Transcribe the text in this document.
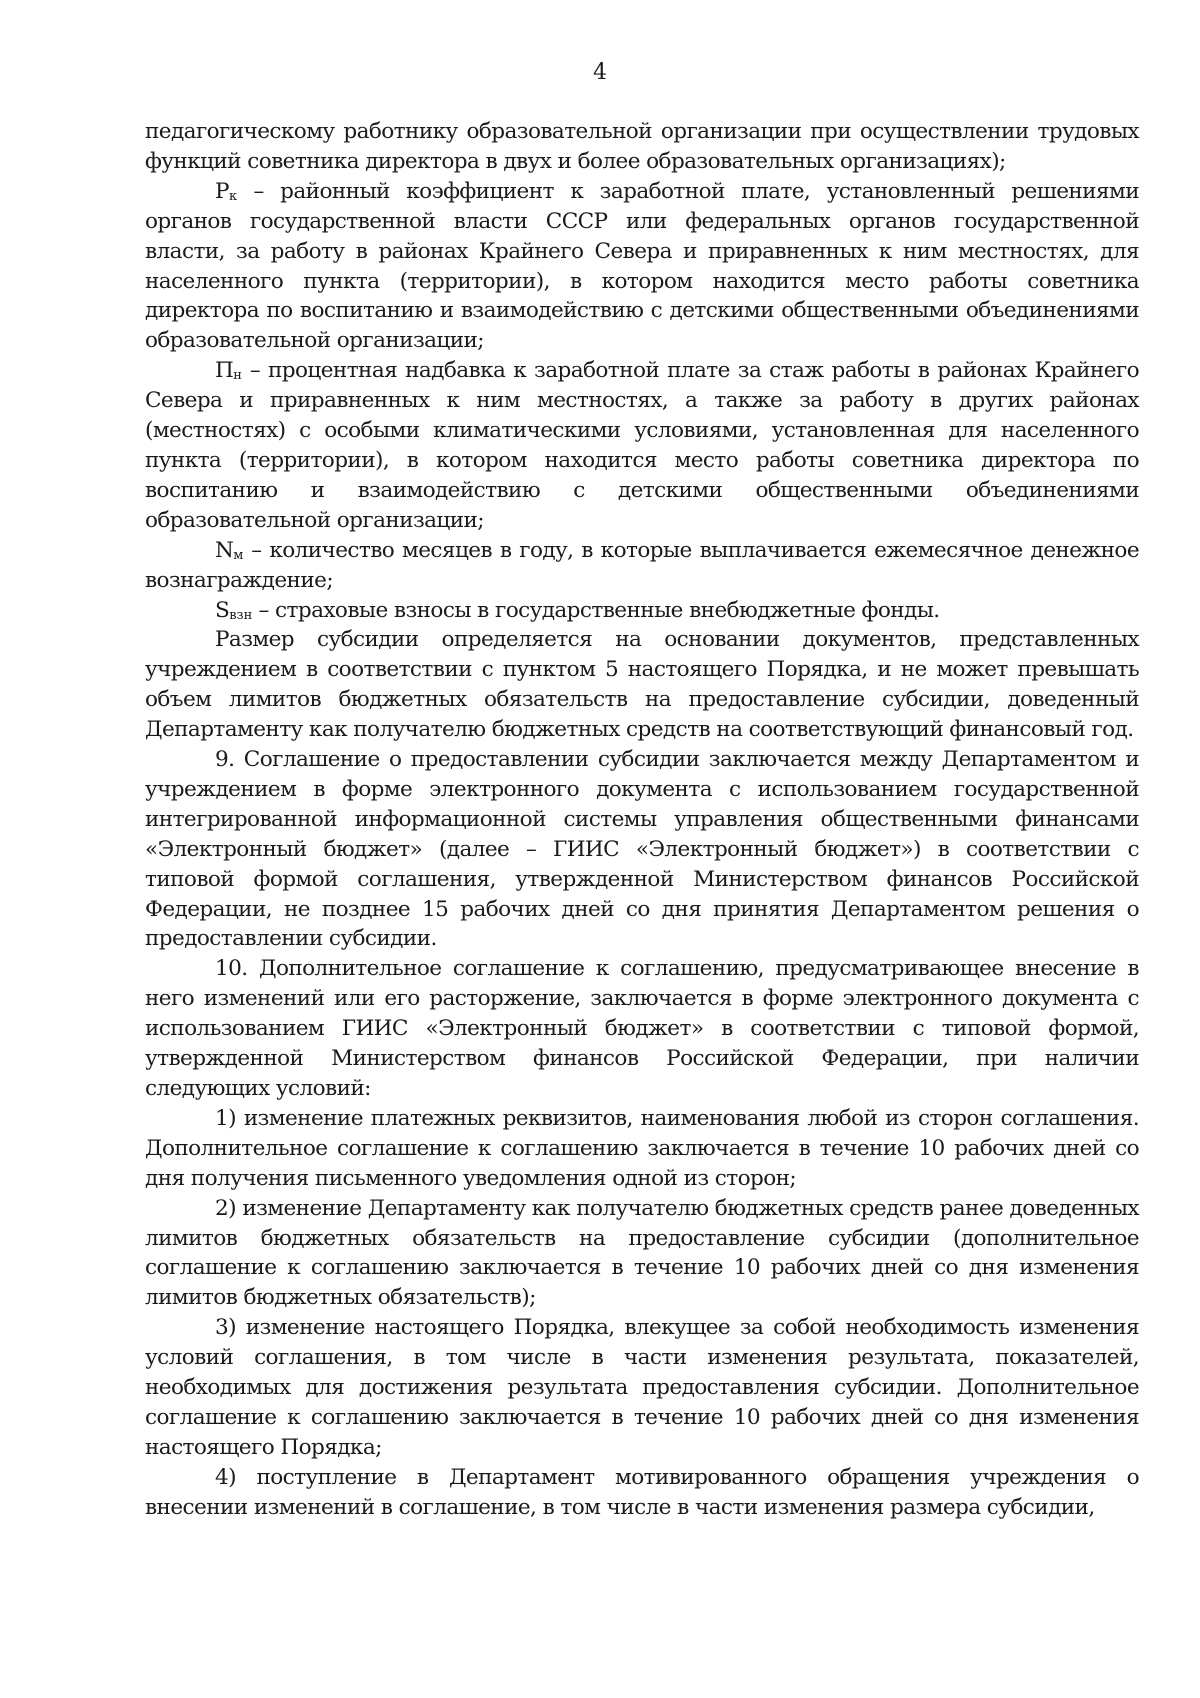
4

педагогическому работнику образовательной организации при осуществлении трудовых функций советника директора в двух и более образовательных организациях);

$Р_к$ – районный коэффициент к заработной плате, установленный решениями органов государственной власти СССР или федеральных органов государственной власти, за работу в районах Крайнего Севера и приравненных к ним местностях, для населенного пункта (территории), в котором находится место работы советника директора по воспитанию и взаимодействию с детскими общественными объединениями образовательной организации;

$П_н$ – процентная надбавка к заработной плате за стаж работы в районах Крайнего Севера и приравненных к ним местностях, а также за работу в других районах (местностях) с особыми климатическими условиями, установленная для населенного пункта (территории), в котором находится место работы советника директора по воспитанию и взаимодействию с детскими общественными объединениями образовательной организации;

$N_м$ – количество месяцев в году, в которые выплачивается ежемесячное денежное вознаграждение;

$S_{взн}$ – страховые взносы в государственные внебюджетные фонды.

Размер субсидии определяется на основании документов, представленных учреждением в соответствии с пунктом 5 настоящего Порядка, и не может превышать объем лимитов бюджетных обязательств на предоставление субсидии, доведенный Департаменту как получателю бюджетных средств на соответствующий финансовый год.

9. Соглашение о предоставлении субсидии заключается между Департаментом и учреждением в форме электронного документа с использованием государственной интегрированной информационной системы управления общественными финансами «Электронный бюджет» (далее – ГИИС «Электронный бюджет») в соответствии с типовой формой соглашения, утвержденной Министерством финансов Российской Федерации, не позднее 15 рабочих дней со дня принятия Департаментом решения о предоставлении субсидии.

10. Дополнительное соглашение к соглашению, предусматривающее внесение в него изменений или его расторжение, заключается в форме электронного документа с использованием ГИИС «Электронный бюджет» в соответствии с типовой формой, утвержденной Министерством финансов Российской Федерации, при наличии следующих условий:

1) изменение платежных реквизитов, наименования любой из сторон соглашения. Дополнительное соглашение к соглашению заключается в течение 10 рабочих дней со дня получения письменного уведомления одной из сторон;

2) изменение Департаменту как получателю бюджетных средств ранее доведенных лимитов бюджетных обязательств на предоставление субсидии (дополнительное соглашение к соглашению заключается в течение 10 рабочих дней со дня изменения лимитов бюджетных обязательств);

3) изменение настоящего Порядка, влекущее за собой необходимость изменения условий соглашения, в том числе в части изменения результата, показателей, необходимых для достижения результата предоставления субсидии. Дополнительное соглашение к соглашению заключается в течение 10 рабочих дней со дня изменения настоящего Порядка;

4) поступление в Департамент мотивированного обращения учреждения о внесении изменений в соглашение, в том числе в части изменения размера субсидии,
